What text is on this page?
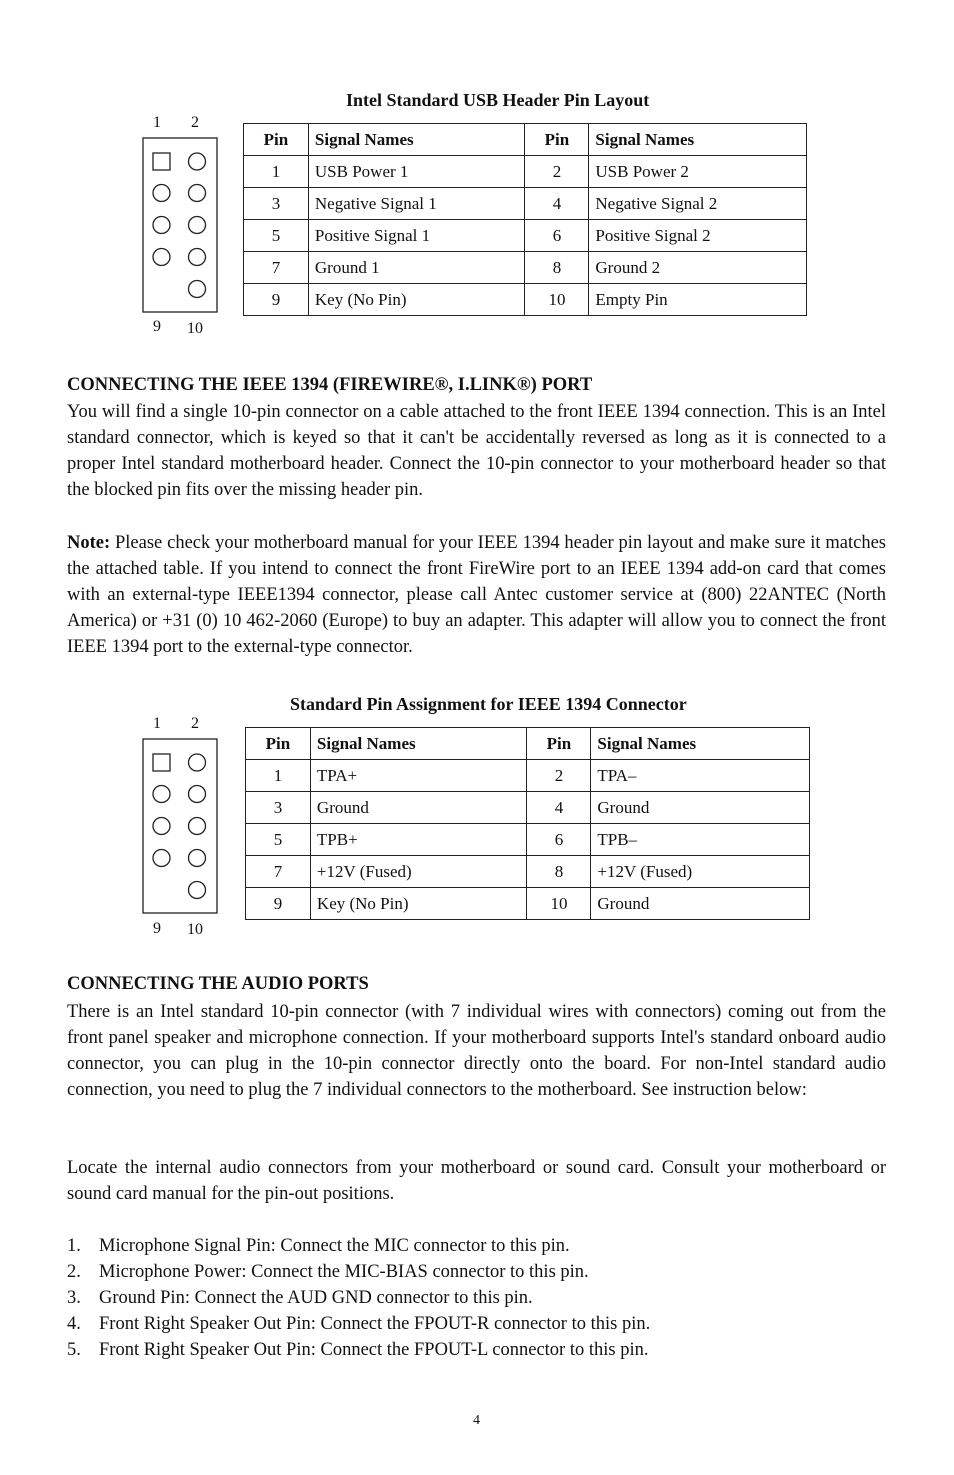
Intel Standard USB Header Pin Layout
1 2
9 10
Pin	Signal Names	Pin	Signal Names
1	USB Power 1	2	USB Power 2
3	Negative Signal 1	4	Negative Signal 2
5	Positive Signal 1	6	Positive Signal 2
7	Ground 1	8	Ground 2
9	Key (No Pin)	10	Empty Pin
CONNECTING THE IEEE 1394 (FIREWIRE®, I.LINK®) PORT
You will find a single 10-pin connector on a cable attached to the front IEEE 1394 connection. This is an Intel standard connector, which is keyed so that it can't be accidentally reversed as long as it is connected to a proper Intel standard motherboard header. Connect the 10-pin connector to your motherboard header so that the blocked pin fits over the missing header pin.
Note: Please check your motherboard manual for your IEEE 1394 header pin layout and make sure it matches the attached table. If you intend to connect the front FireWire port to an IEEE 1394 add-on card that comes with an external-type IEEE1394 connector, please call Antec customer service at (800) 22ANTEC (North America) or +31 (0) 10 462-2060 (Europe) to buy an adapter. This adapter will allow you to connect the front IEEE 1394 port to the external-type connector.
Standard Pin Assignment for IEEE 1394 Connector
1 2
9 10
Pin	Signal Names	Pin	Signal Names
1	TPA+	2	TPA–
3	Ground	4	Ground
5	TPB+	6	TPB–
7	+12V (Fused)	8	+12V (Fused)
9	Key (No Pin)	10	Ground
CONNECTING THE AUDIO PORTS
There is an Intel standard 10-pin connector (with 7 individual wires with connectors) coming out from the front panel speaker and microphone connection. If your motherboard supports Intel's standard onboard audio connector, you can plug in the 10-pin connector directly onto the board. For non-Intel standard audio connection, you need to plug the 7 individual connectors to the motherboard. See instruction below:
Locate the internal audio connectors from your motherboard or sound card. Consult your motherboard or sound card manual for the pin-out positions.
1. Microphone Signal Pin: Connect the MIC connector to this pin.
2. Microphone Power: Connect the MIC-BIAS connector to this pin.
3. Ground Pin: Connect the AUD GND connector to this pin.
4. Front Right Speaker Out Pin: Connect the FPOUT-R connector to this pin.
5. Front Right Speaker Out Pin: Connect the FPOUT-L connector to this pin.
4
